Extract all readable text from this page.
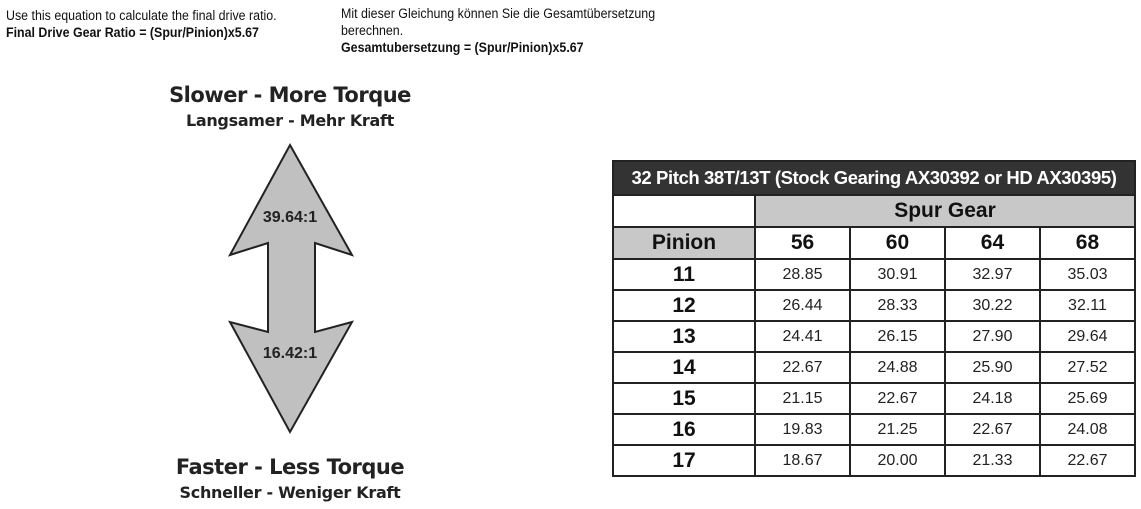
Use this equation to calculate the final drive ratio.
Final Drive Gear Ratio = (Spur/Pinion)x5.67
Mit dieser Gleichung können Sie die Gesamtübersetzung
berechnen.
Gesamtubersetzung = (Spur/Pinion)x5.67
Slower - More Torque
Langsamer - Mehr Kraft
39.64:1
16.42:1
Faster - Less Torque
Schneller - Weniger Kraft
32 Pitch 38T/13T (Stock Gearing AX30392 or HD AX30395)				
	Spur Gear			
Pinion	56	60	64	68
11	28.85	30.91	32.97	35.03
12	26.44	28.33	30.22	32.11
13	24.41	26.15	27.90	29.64
14	22.67	24.88	25.90	27.52
15	21.15	22.67	24.18	25.69
16	19.83	21.25	22.67	24.08
17	18.67	20.00	21.33	22.67
